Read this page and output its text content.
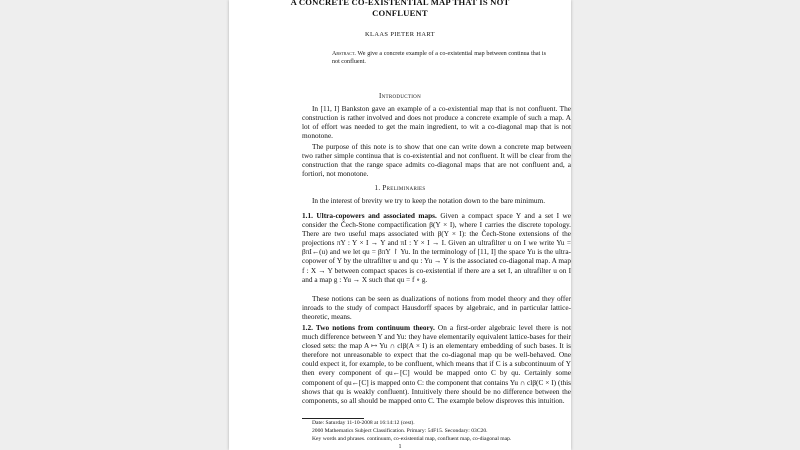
A CONCRETE CO-EXISTENTIAL MAP THAT IS NOT
CONFLUENT
KLAAS PIETER HART
Abstract. We give a concrete example of a co-existential map between continua that is not confluent.
Introduction
In [11, I] Bankston gave an example of a co-existential map that is not confluent. The construction is rather involved and does not produce a concrete example of such a map. A lot of effort was needed to get the main ingredient, to wit a co-diagonal map that is not monotone.
The purpose of this note is to show that one can write down a concrete map between two rather simple continua that is co-existential and not confluent. It will be clear from the construction that the range space admits co-diagonal maps that are not confluent and, a fortiori, not monotone.
1. Preliminaries
In the interest of brevity we try to keep the notation down to the bare minimum.
1.1. Ultra-copowers and associated maps. Given a compact space Y and a set I we consider the Čech-Stone compactification β(Y × I), where I carries the discrete topology. There are two useful maps associated with β(Y × I): the Čech-Stone extensions of the projections πY : Y × I → Y and πI : Y × I → I. Given an ultrafilter u on I we write Yu = βπI←(u) and we let qu = βπY ↾ Yu. In the terminology of [11, I] the space Yu is the ultra-copower of Y by the ultrafilter u and qu : Yu → Y is the associated co-diagonal map. A map f : X → Y between compact spaces is co-existential if there are a set I, an ultrafilter u on I and a map g : Yu → X such that qu = f ∘ g.
These notions can be seen as dualizations of notions from model theory and they offer inroads to the study of compact Hausdorff spaces by algebraic, and in particular lattice-theoretic, means.
1.2. Two notions from continuum theory. On a first-order algebraic level there is not much difference between Y and Yu: they have elementarily equivalent lattice-bases for their closed sets: the map A ↦ Yu ∩ clβ(A × I) is an elementary embedding of such bases. It is therefore not unreasonable to expect that the co-diagonal map qu be well-behaved. One could expect it, for example, to be confluent, which means that if C is a subcontinuum of Y then every component of qu←[C] would be mapped onto C by qu. Certainly some component of qu←[C] is mapped onto C: the component that contains Yu ∩ clβ(C × I) (this shows that qu is weakly confluent). Intuitively there should be no difference between the components, so all should be mapped onto C. The example below disproves this intuition.
Date: Saturday 11-10-2008 at 16:14:12 (cest).
2000 Mathematics Subject Classification. Primary: 54F15. Secondary: 03C20.
Key words and phrases. continuum, co-existential map, confluent map, co-diagonal map.
1
